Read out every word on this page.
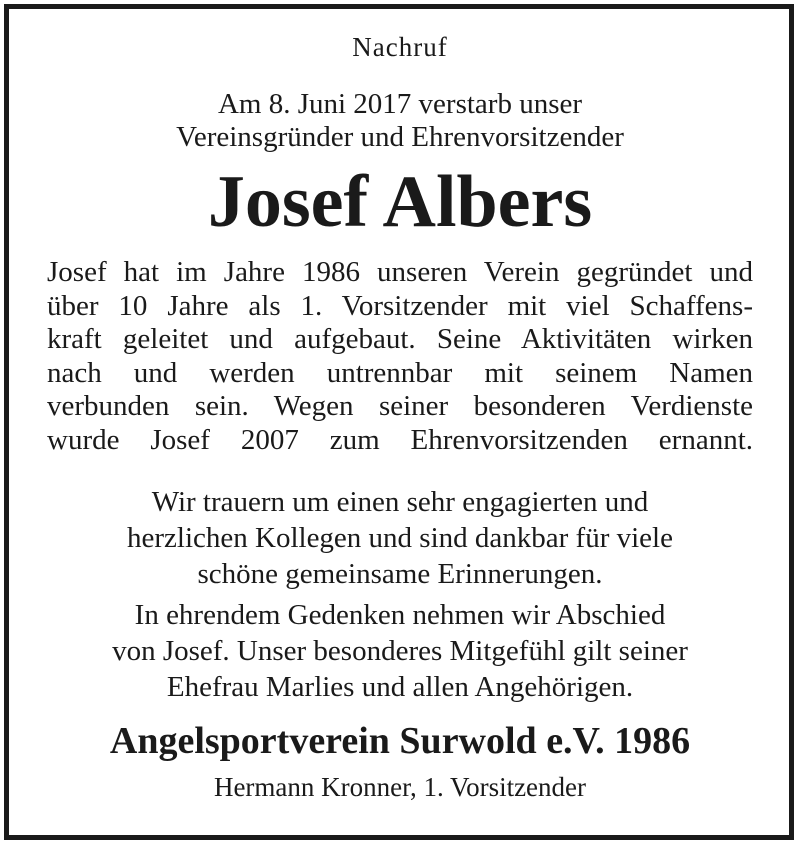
Nachruf

Am 8. Juni 2017 verstarb unser

Vereinsgründer und Ehrenvorsitzender

Josef Albers

Josef hat im Jahre 1986 unseren Verein gegründet und
über 10 Jahre als 1. Vorsitzender mit viel Schaffens-
kraft geleitet und aufgebaut. Seine Aktivitäten wirken
nach und werden untrennbar mit seinem Namen
verbunden sein. Wegen seiner besonderen Verdienste
wurde Josef 2007 zum Ehrenvorsitzenden ernannt.
Wir trauern um einen sehr engagierten und
herzlichen Kollegen und sind dankbar für viele
schöne gemeinsame Erinnerungen.
In ehrendem Gedenken nehmen wir Abschied
von Josef. Unser besonderes Mitgefühl gilt seiner
Ehefrau Marlies und allen Angehörigen.

Angelsportverein Surwold e.V. 1986

Hermann Kronner, 1. Vorsitzender
